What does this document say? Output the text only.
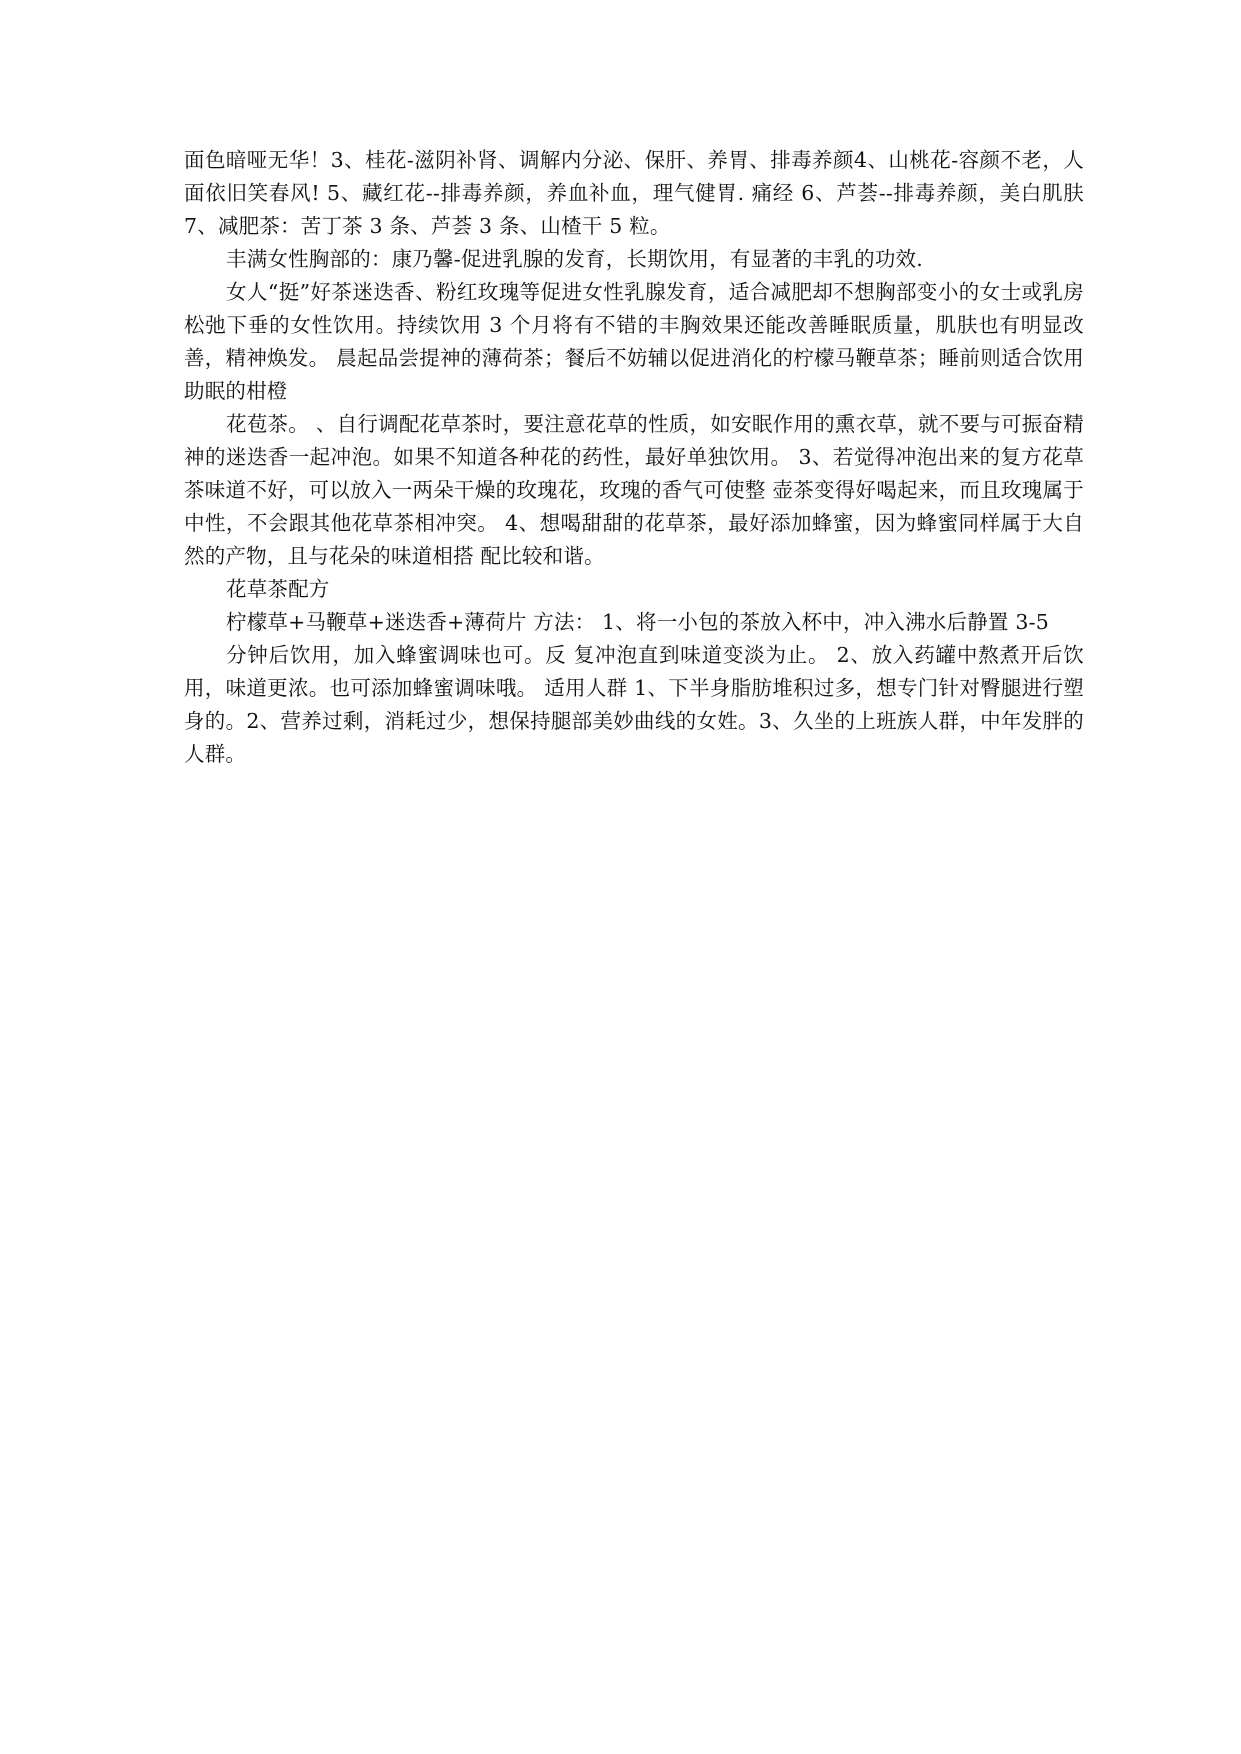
面色暗哑无华！3、桂花-滋阴补肾、调解内分泌、保肝、养胃、排毒养颜4、山桃花-容颜不老，人面依旧笑春风! 5、藏红花--排毒养颜，养血补血，理气健胃. 痛经 6、芦荟--排毒养颜，美白肌肤 7、减肥茶：苦丁茶 3 条、芦荟 3 条、山楂干 5 粒。

丰满女性胸部的：康乃馨-促进乳腺的发育，长期饮用，有显著的丰乳的功效.

女人“挺”好茶迷迭香、粉红玫瑰等促进女性乳腺发育，适合减肥却不想胸部变小的女士或乳房松弛下垂的女性饮用。持续饮用 3 个月将有不错的丰胸效果还能改善睡眠质量，肌肤也有明显改善，精神焕发。 晨起品尝提神的薄荷茶；餐后不妨辅以促进消化的柠檬马鞭草茶；睡前则适合饮用助眠的柑橙

花苞茶。 、自行调配花草茶时，要注意花草的性质，如安眠作用的熏衣草，就不要与可振奋精 神的迷迭香一起冲泡。如果不知道各种花的药性，最好单独饮用。 3、若觉得冲泡出来的复方花草茶味道不好，可以放入一两朵干燥的玫瑰花，玫瑰的香气可使整 壶茶变得好喝起来，而且玫瑰属于中性，不会跟其他花草茶相冲突。 4、想喝甜甜的花草茶，最好添加蜂蜜，因为蜂蜜同样属于大自然的产物，且与花朵的味道相搭 配比较和谐。

花草茶配方

柠檬草+马鞭草+迷迭香+薄荷片 方法： 1、将一小包的茶放入杯中，冲入沸水后静置 3-5

分钟后饮用，加入蜂蜜调味也可。反 复冲泡直到味道变淡为止。 2、放入药罐中熬煮开后饮用，味道更浓。也可添加蜂蜜调味哦。 适用人群 1、下半身脂肪堆积过多，想专门针对臀腿进行塑身的。2、营养过剩，消耗过少，想保持腿部美妙曲线的女姓。3、久坐的上班族人群，中年发胖的人群。
